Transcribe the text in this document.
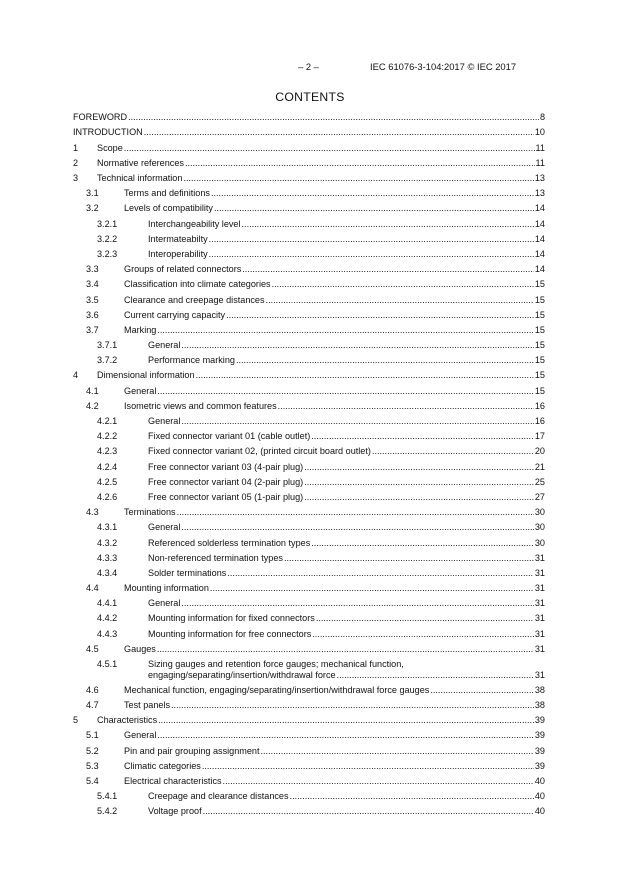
– 2 –	IEC 61076-3-104:2017 © IEC 2017
CONTENTS
FOREWORD .....	8
INTRODUCTION .....	10
1 Scope .....	11
2 Normative references .....	11
3 Technical information .....	13
3.1	Terms and definitions .....	13
3.2	Levels of compatibility .....	14
3.2.1	Interchangeability level .....	14
3.2.2	Intermateabilty .....	14
3.2.3	Interoperability .....	14
3.3	Groups of related connectors .....	14
3.4	Classification into climate categories .....	15
3.5	Clearance and creepage distances .....	15
3.6	Current carrying capacity .....	15
3.7	Marking .....	15
3.7.1	General .....	15
3.7.2	Performance marking .....	15
4 Dimensional information .....	15
4.1	General .....	15
4.2	Isometric views and common features .....	16
4.2.1	General .....	16
4.2.2	Fixed connector variant 01 (cable outlet) .....	17
4.2.3	Fixed connector variant 02, (printed circuit board outlet) .....	20
4.2.4	Free connector variant 03 (4-pair plug) .....	21
4.2.5	Free connector variant 04 (2-pair plug) .....	25
4.2.6	Free connector variant 05 (1-pair plug) .....	27
4.3	Terminations .....	30
4.3.1	General .....	30
4.3.2	Referenced solderless termination types .....	30
4.3.3	Non-referenced termination types .....	31
4.3.4	Solder terminations .....	31
4.4	Mounting information .....	31
4.4.1	General .....	31
4.4.2	Mounting information for fixed connectors .....	31
4.4.3	Mounting information for free connectors .....	31
4.5	Gauges .....	31
4.5.1	Sizing gauges and retention force gauges; mechanical function,
engaging/separating/insertion/withdrawal force .....	31
4.6	Mechanical function, engaging/separating/insertion/withdrawal force gauges .....	38
4.7	Test panels .....	38
5 Characteristics .....	39
5.1	General .....	39
5.2	Pin and pair grouping assignment .....	39
5.3	Climatic categories .....	39
5.4	Electrical characteristics .....	40
5.4.1	Creepage and clearance distances .....	40
5.4.2	Voltage proof .....	40
